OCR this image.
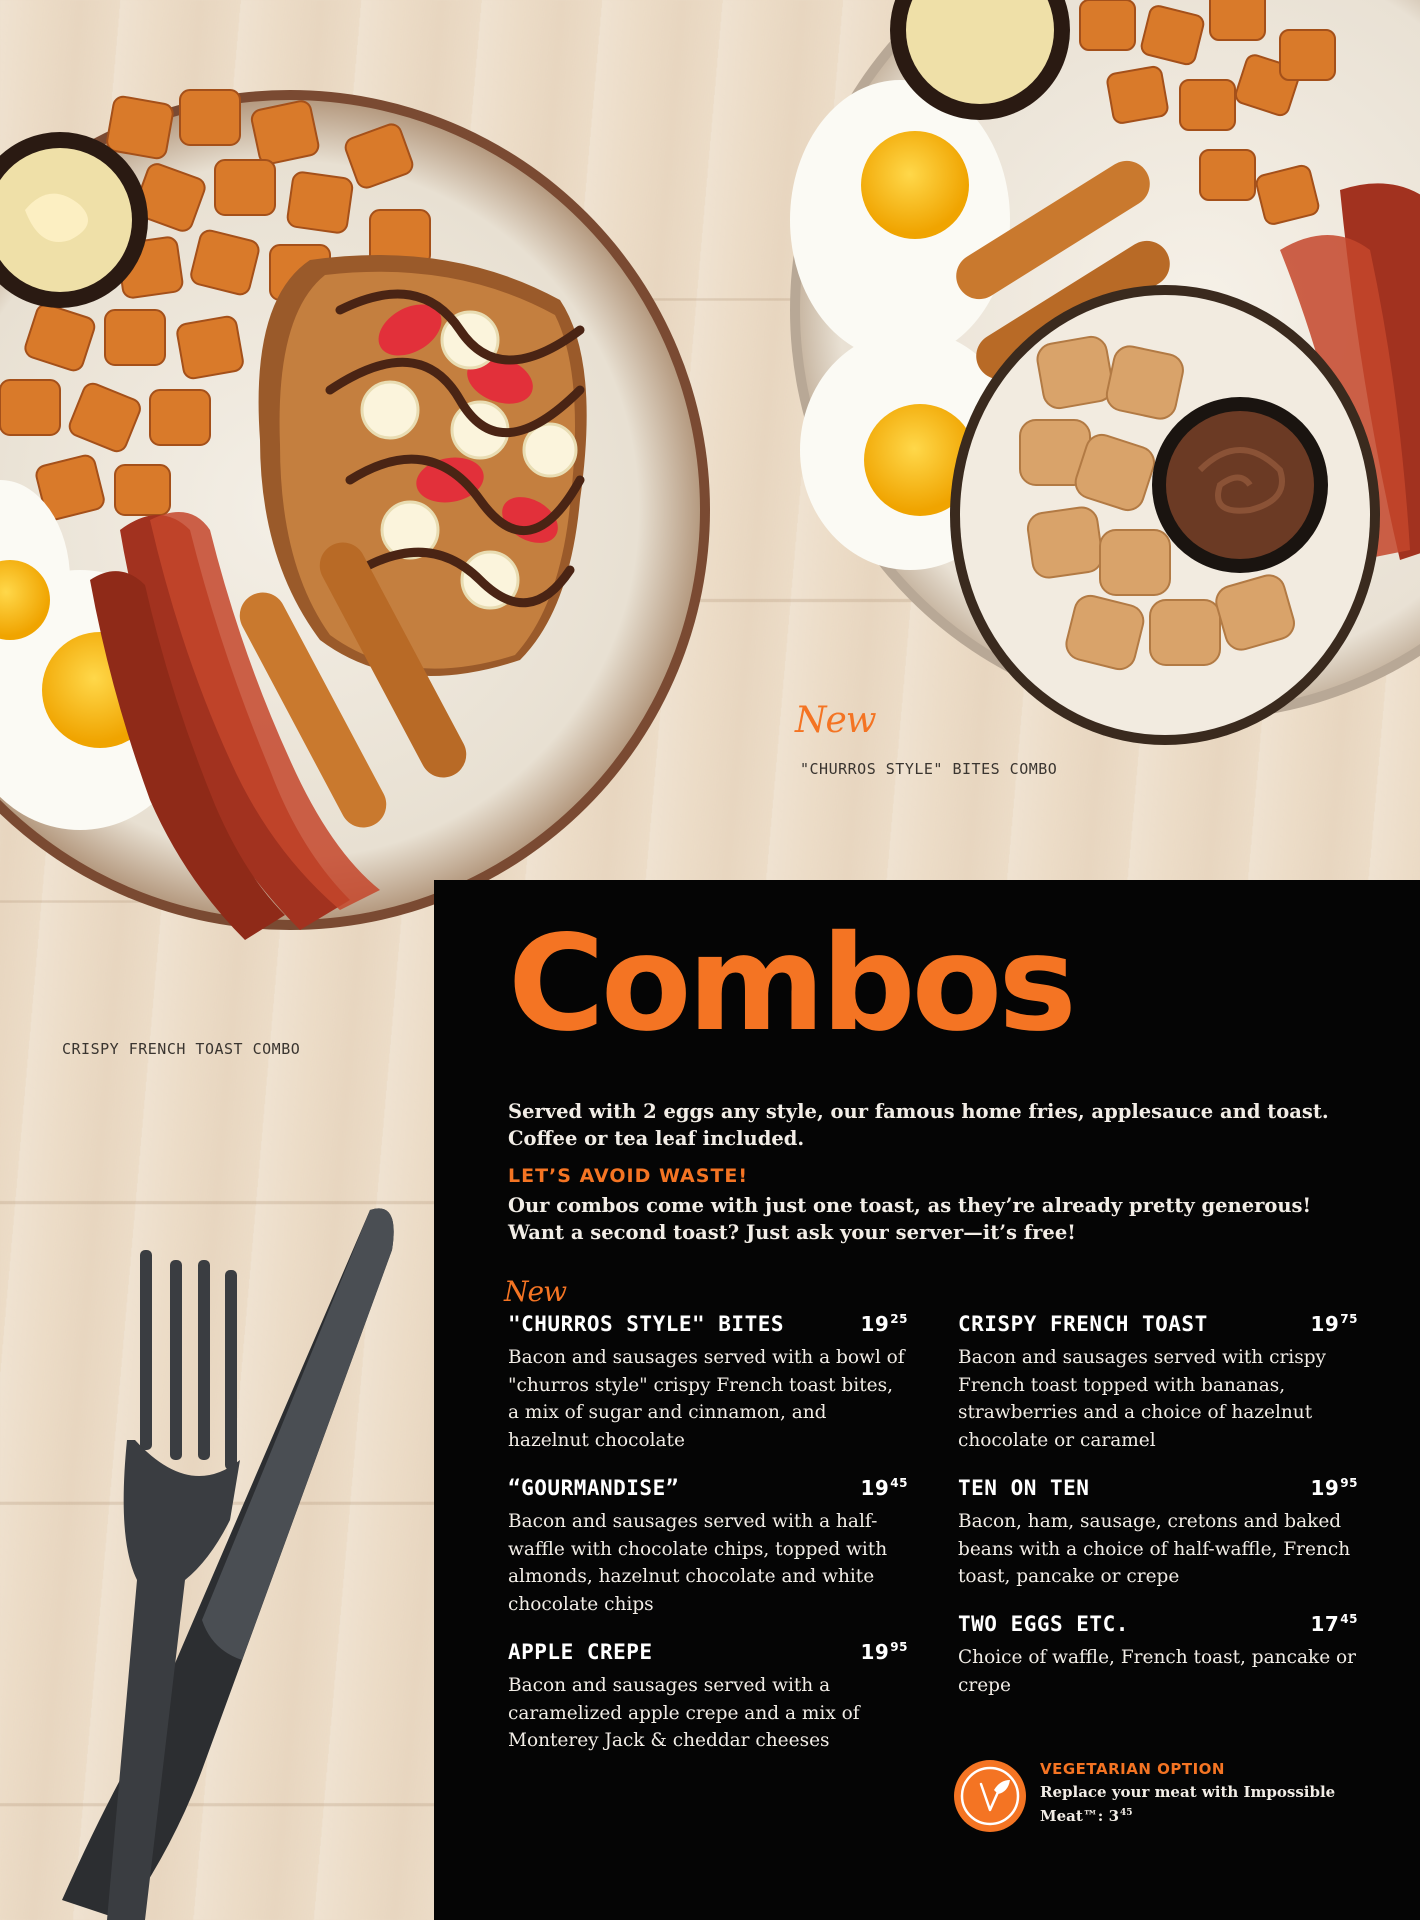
New
"CHURROS STYLE" BITES COMBO
CRISPY FRENCH TOAST COMBO Combos
Served with 2 eggs any style, our famous home fries, applesauce and toast.
Coffee or tea leaf included.
LET’S AVOID WASTE!
Our combos come with just one toast, as they’re already pretty generous!
Want a second toast? Just ask your server—it’s free!
New
"CHURROS STYLE" BITES	$19^{25}$
Bacon and sausages served with a bowl of "churros style" crispy French toast bites, a mix of sugar and cinnamon, and hazelnut chocolate
“GOURMANDISE”	$19^{45}$
Bacon and sausages served with a half-waffle with chocolate chips, topped with almonds, hazelnut chocolate and white chocolate chips
APPLE CREPE	$19^{95}$
Bacon and sausages served with a caramelized apple crepe and a mix of Monterey Jack & cheddar cheeses
CRISPY FRENCH TOAST	$19^{75}$
Bacon and sausages served with crispy French toast topped with bananas, strawberries and a choice of hazelnut chocolate or caramel
TEN ON TEN	$19^{95}$
Bacon, ham, sausage, cretons and baked beans with a choice of half-waffle, French toast, pancake or crepe
TWO EGGS ETC.	$17^{45}$
Choice of waffle, French toast, pancake or crepe
VEGETARIAN OPTION
Replace your meat with Impossible Meat™: $3^{45}$
